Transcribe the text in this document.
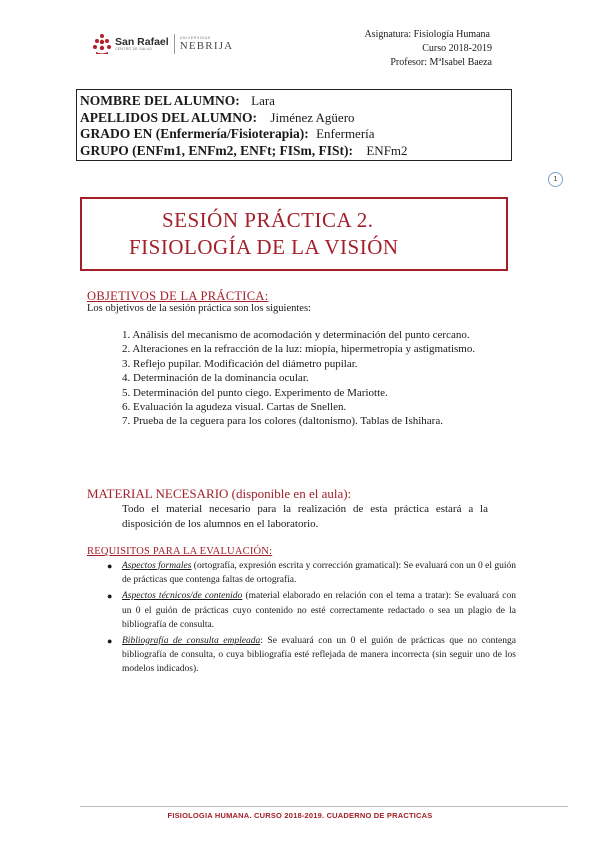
San Rafael
CENTRO DE SALUD
UNIVERSIDAD
NEBRIJA
Asignatura: Fisiología Humana
Curso 2018-2019
Profesor: MªIsabel Baeza
NOMBRE DEL ALUMNO: Lara
APELLIDOS DEL ALUMNO: Jiménez Agüero
GRADO EN (Enfermería/Fisioterapia): Enfermería
GRUPO (ENFm1, ENFm2, ENFt; FISm, FISt): ENFm2
1
SESIÓN PRÁCTICA 2.
FISIOLOGÍA DE LA VISIÓN
OBJETIVOS DE LA PRÁCTICA:
Los objetivos de la sesión práctica son los siguientes:

1. Análisis del mecanismo de acomodación y determinación del punto cercano.

2. Alteraciones en la refracción de la luz: miopía, hipermetropía y astigmatismo.

3. Reflejo pupilar. Modificación del diámetro pupilar.

4. Determinación de la dominancia ocular.

5. Determinación del punto ciego. Experimento de Mariotte.

6. Evaluación la agudeza visual. Cartas de Snellen.

7. Prueba de la ceguera para los colores (daltonismo). Tablas de Ishihara.

MATERIAL NECESARIO (disponible en el aula):
Todo el material necesario para la realización de esta práctica estará a la disposición de los alumnos en el laboratorio.
REQUISITOS PARA LA EVALUACIÓN:
● Aspectos formales (ortografía, expresión escrita y corrección gramatical): Se evaluará con un 0 el guión de prácticas que contenga faltas de ortografía.
● Aspectos técnicos/de contenido (material elaborado en relación con el tema a tratar): Se evaluará con un 0 el guión de prácticas cuyo contenido no esté correctamente redactado o sea un plagio de la bibliografía de consulta.
● Bibliografía de consulta empleada: Se evaluará con un 0 el guión de prácticas que no contenga bibliografía de consulta, o cuya bibliografía esté reflejada de manera incorrecta (sin seguir uno de los modelos indicados).
FISIOLOGIA HUMANA. CURSO 2018-2019. CUADERNO DE PRACTICAS
